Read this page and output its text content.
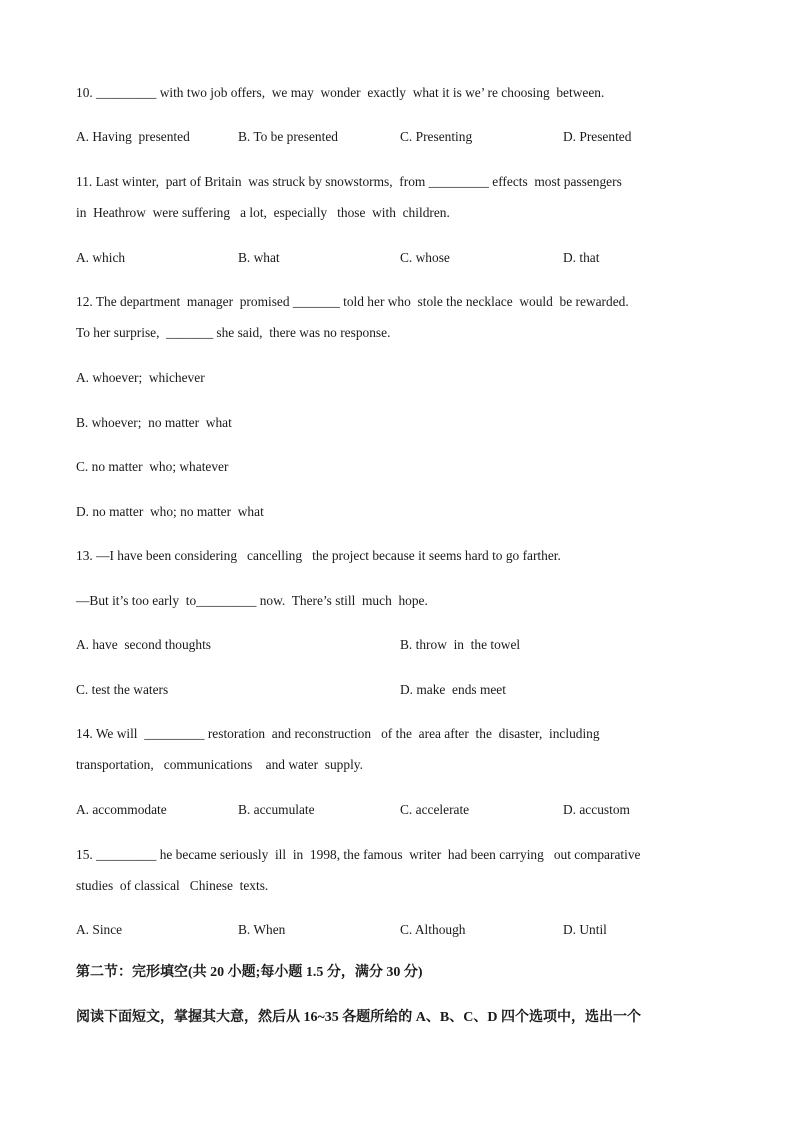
10. _________ with two job offers,  we may  wonder  exactly  what it is we’ re choosing  between.
A. Having  presented	B. To be presented	C. Presenting	D. Presented
11. Last winter,  part of Britain  was struck by snowstorms,  from _________ effects  most passengers
in  Heathrow  were suffering   a lot,  especially   those  with  children.
A. which	B. what	C. whose	D. that
12. The department  manager  promised _______ told her who  stole the necklace  would  be rewarded.
To her surprise,  _______ she said,  there was no response.
A. whoever;  whichever
B. whoever;  no matter  what
C. no matter  who; whatever
D. no matter  who; no matter  what
13. —I have been considering   cancelling   the project because it seems hard to go farther.
—But it’s too early  to_________ now.  There’s still  much  hope.
A. have  second thoughts	B. throw  in  the towel
C. test the waters	D. make  ends meet
14. We will  _________ restoration  and reconstruction   of the  area after  the  disaster,  including
transportation,   communications    and water  supply.
A. accommodate	B. accumulate	C. accelerate	D. accustom
15. _________ he became seriously  ill  in  1998, the famous  writer  had been carrying   out comparative
studies  of classical   Chinese  texts.
A. Since	B. When	C. Although	D. Until
第二节：完形填空(共 20 小题;每小题 1.5 分，满分 30 分)
阅读下面短文，掌握其大意，然后从 16~35 各题所给的 A、B、C、D 四个选项中，选出一个
